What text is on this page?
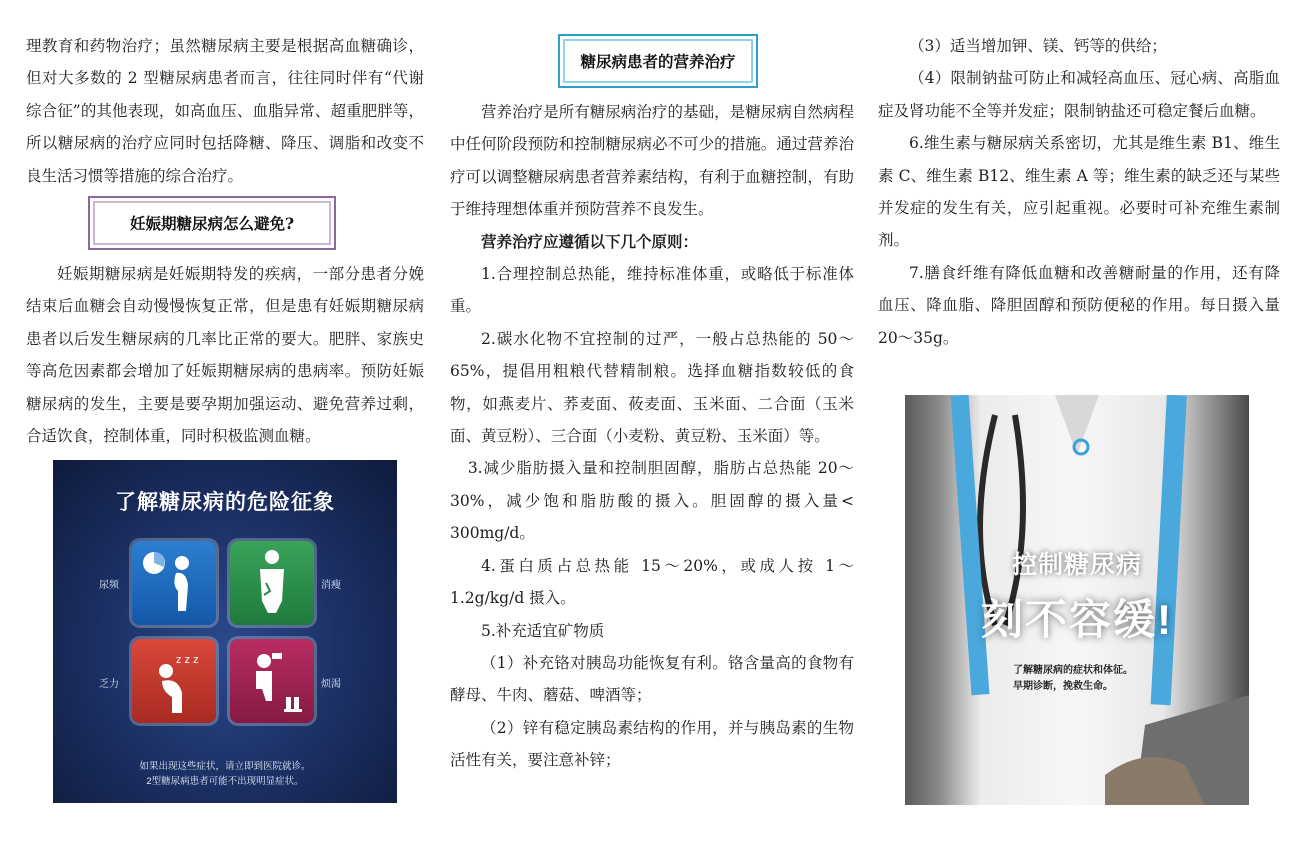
理教育和药物治疗；虽然糖尿病主要是根据高血糖确诊，但对大多数的 2 型糖尿病患者而言，往往同时伴有“代谢综合征”的其他表现，如高血压、血脂异常、超重肥胖等，所以糖尿病的治疗应同时包括降糖、降压、调脂和改变不良生活习惯等措施的综合治疗。

妊娠期糖尿病怎么避免?

妊娠期糖尿病是妊娠期特发的疾病，一部分患者分娩结束后血糖会自动慢慢恢复正常，但是患有妊娠期糖尿病患者以后发生糖尿病的几率比正常的要大。肥胖、家族史等高危因素都会增加了妊娠期糖尿病的患病率。预防妊娠糖尿病的发生，主要是要孕期加强运动、避免营养过剩，合适饮食，控制体重，同时积极监测血糖。

了解糖尿病的危险征象
z z z
尿频	消瘦
乏力	烦渴
如果出现这些症状，请立即到医院就诊。
2型糖尿病患者可能不出现明显症状。
糖尿病患者的营养治疗

营养治疗是所有糖尿病治疗的基础，是糖尿病自然病程中任何阶段预防和控制糖尿病必不可少的措施。通过营养治疗可以调整糖尿病患者营养素结构，有利于血糖控制，有助于维持理想体重并预防营养不良发生。

营养治疗应遵循以下几个原则：

1.合理控制总热能，维持标准体重，或略低于标准体重。

2.碳水化物不宜控制的过严，一般占总热能的 50～65%，提倡用粗粮代替精制粮。选择血糖指数较低的食物，如燕麦片、荞麦面、莜麦面、玉米面、二合面（玉米面、黄豆粉）、三合面（小麦粉、黄豆粉、玉米面）等。

3.减少脂肪摄入量和控制胆固醇，脂肪占总热能 20～30%，减少饱和脂肪酸的摄入。胆固醇的摄入量< 300mg/d。

4.蛋白质占总热能 15～20%，或成人按 1～ 1.2g/kg/d 摄入。

5.补充适宜矿物质

（1）补充铬对胰岛功能恢复有利。铬含量高的食物有酵母、牛肉、蘑菇、啤酒等；

（2）锌有稳定胰岛素结构的作用，并与胰岛素的生物活性有关，要注意补锌；

（3）适当增加钾、镁、钙等的供给；

（4）限制钠盐可防止和减轻高血压、冠心病、高脂血症及肾功能不全等并发症；限制钠盐还可稳定餐后血糖。

6.维生素与糖尿病关系密切，尤其是维生素 B1、维生素 C、维生素 B12、维生素 A 等；维生素的缺乏还与某些并发症的发生有关，应引起重视。必要时可补充维生素制剂。

7.膳食纤维有降低血糖和改善糖耐量的作用，还有降血压、降血脂、降胆固醇和预防便秘的作用。每日摄入量 20～35g。

控制糖尿病
刻不容缓!
了解糖尿病的症状和体征。
早期诊断，挽救生命。
